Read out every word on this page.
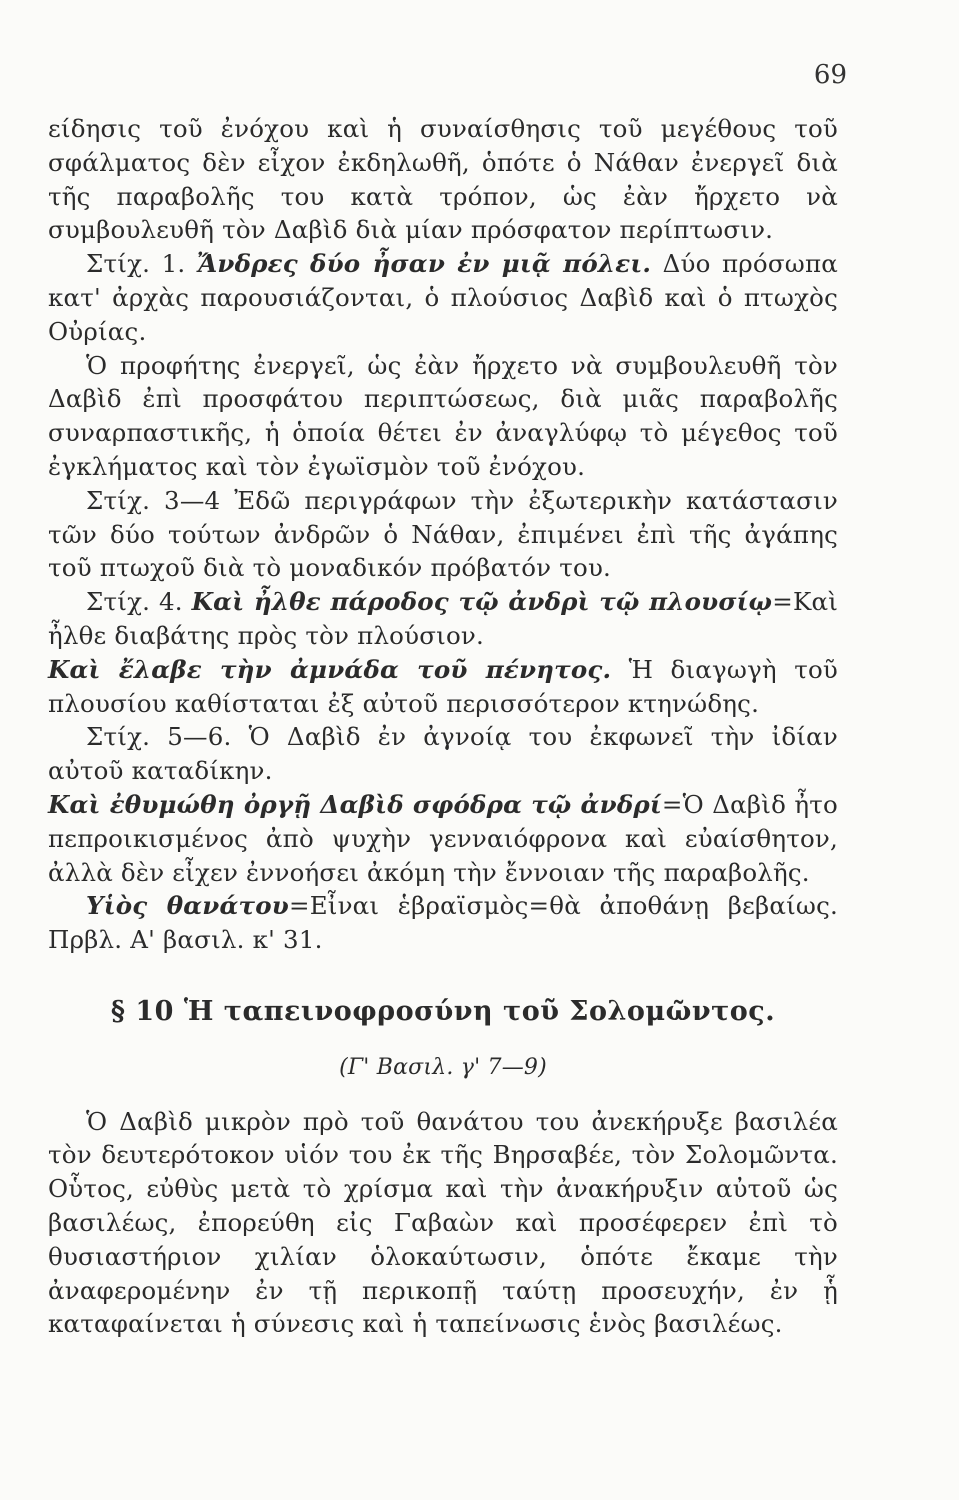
69

είδησις τοῦ ἐνόχου καὶ ἡ συναίσθησις τοῦ μεγέθους τοῦ σφάλματος δὲν εἶχον ἐκδηλωθῆ, ὁπότε ὁ Νάθαν ἐνεργεῖ διὰ τῆς παραβολῆς του κατὰ τρόπον, ὡς ἐὰν ἤρχετο νὰ συμβουλευθῆ τὸν Δαβὶδ διὰ μίαν πρόσφατον περίπτωσιν.

Στίχ. 1. Ἄνδρες δύο ἦσαν ἐν μιᾷ πόλει. Δύο πρόσωπα κατ' ἀρχὰς παρουσιάζονται, ὁ πλούσιος Δαβὶδ καὶ ὁ πτωχὸς Οὐρίας.

Ὁ προφήτης ἐνεργεῖ, ὡς ἐὰν ἤρχετο νὰ συμβουλευθῆ τὸν Δαβὶδ ἐπὶ προσφάτου περιπτώσεως, διὰ μιᾶς παραβολῆς συναρπαστικῆς, ἡ ὁποία θέτει ἐν ἀναγλύφῳ τὸ μέγεθος τοῦ ἐγκλήματος καὶ τὸν ἐγωϊσμὸν τοῦ ἐνόχου.

Στίχ. 3—4 Ἐδῶ περιγράφων τὴν ἐξωτερικὴν κατάστασιν τῶν δύο τούτων ἀνδρῶν ὁ Νάθαν, ἐπιμένει ἐπὶ τῆς ἀγάπης τοῦ πτωχοῦ διὰ τὸ μοναδικόν πρόβατόν του.

Στίχ. 4. Καὶ ἦλθε πάροδος τῷ ἀνδρὶ τῷ πλουσίῳ=Καὶ ἦλθε διαβάτης πρὸς τὸν πλούσιον.

Καὶ ἔλαβε τὴν ἀμνάδα τοῦ πένητος. Ἡ διαγωγὴ τοῦ πλουσίου καθίσταται ἐξ αὐτοῦ περισσότερον κτηνώδης.

Στίχ. 5—6. Ὁ Δαβὶδ ἐν ἀγνοίᾳ του ἐκφωνεῖ τὴν ἰδίαν αὐτοῦ καταδίκην.

Καὶ ἐθυμώθη ὀργῇ Δαβὶδ σφόδρα τῷ ἀνδρί=Ὁ Δαβὶδ ἦτο πεπροικισμένος ἀπὸ ψυχὴν γενναιόφρονα καὶ εὐαίσθητον, ἀλλὰ δὲν εἶχεν ἐννοήσει ἀκόμη τὴν ἔννοιαν τῆς παραβολῆς.

Υἱὸς θανάτου=Εἶναι ἑβραϊσμὸς=θὰ ἀποθάνῃ βεβαίως. Πρβλ. Α' βασιλ. κ' 31.

§ 10 Ἡ ταπεινοφροσύνη τοῦ Σολομῶντος.
(Γ' Βασιλ. γ' 7—9)

Ὁ Δαβὶδ μικρὸν πρὸ τοῦ θανάτου του ἀνεκήρυξε βασιλέα τὸν δευτερότοκον υἱόν του ἐκ τῆς Βηρσαβέε, τὸν Σολομῶντα. Οὗτος, εὐθὺς μετὰ τὸ χρίσμα καὶ τὴν ἀνακήρυξιν αὐτοῦ ὡς βασιλέως, ἐπορεύθη εἰς Γαβαὼν καὶ προσέφερεν ἐπὶ τὸ θυσιαστήριον χιλίαν ὁλοκαύτωσιν, ὁπότε ἔκαμε τὴν ἀναφερομένην ἐν τῇ περικοπῇ ταύτῃ προσευχήν, ἐν ᾗ καταφαίνεται ἡ σύνεσις καὶ ἡ ταπείνωσις ἑνὸς βασιλέως.
